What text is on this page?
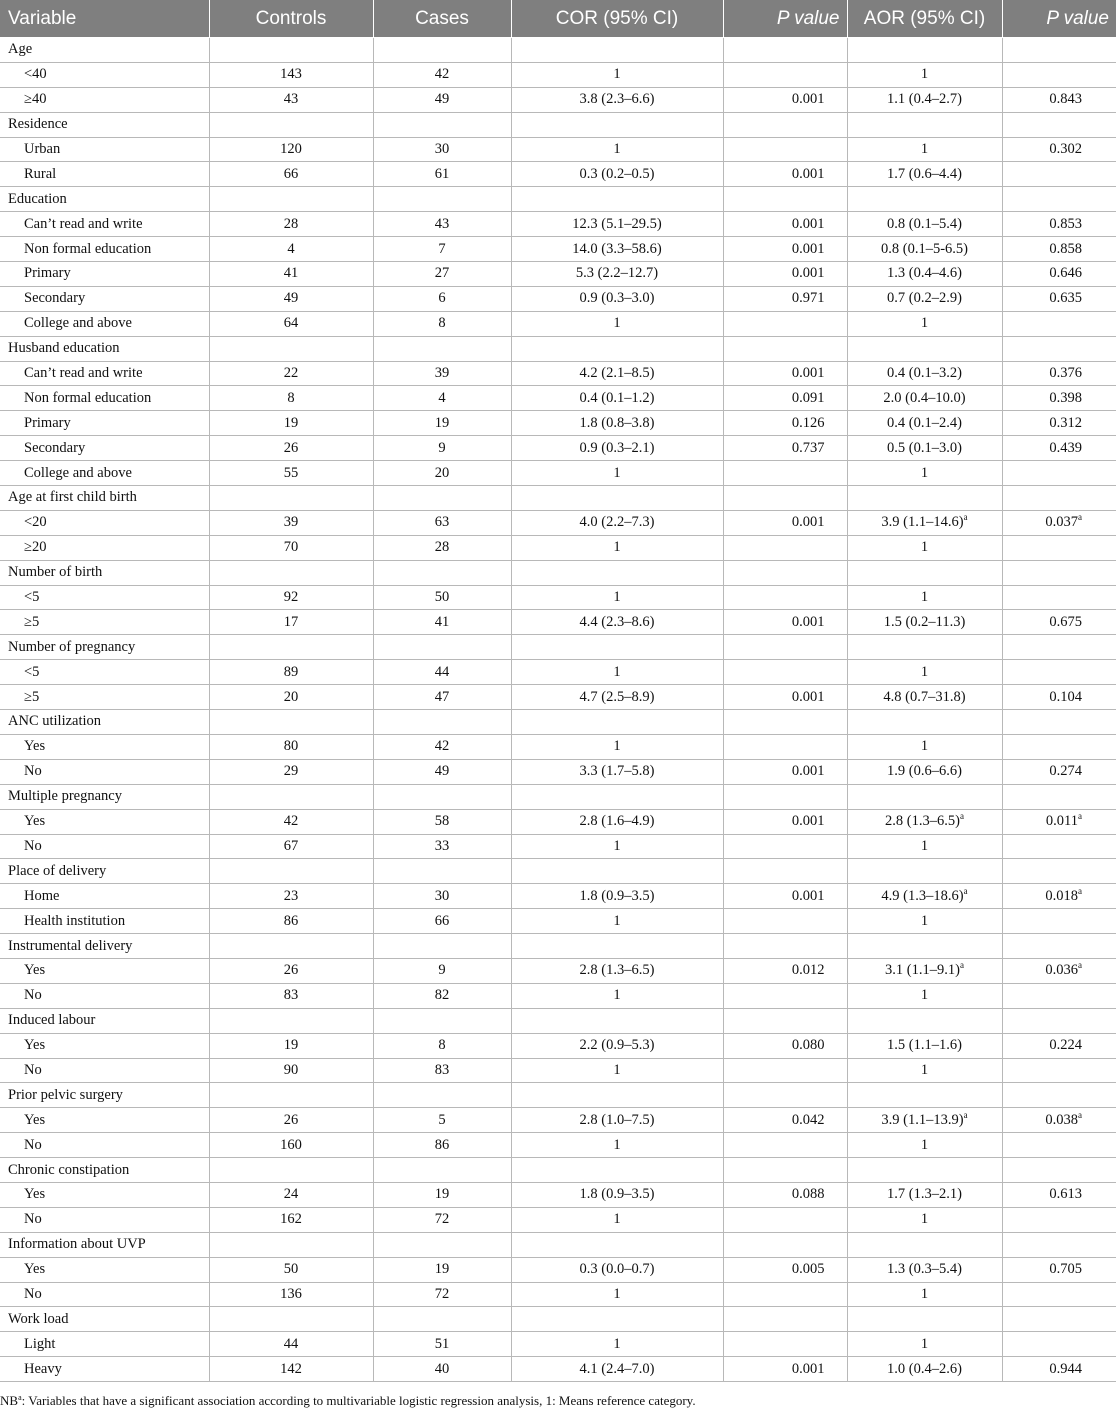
Variable	Controls	Cases	COR (95% CI)	P value	AOR (95% CI)	P value
Age						
<40	143	42	1		1	
≥40	43	49	3.8 (2.3–6.6)	0.001	1.1 (0.4–2.7)	0.843
Residence						
Urban	120	30	1		1	0.302
Rural	66	61	0.3 (0.2–0.5)	0.001	1.7 (0.6–4.4)	
Education						
Can’t read and write	28	43	12.3 (5.1–29.5)	0.001	0.8 (0.1–5.4)	0.853
Non formal education	4	7	14.0 (3.3–58.6)	0.001	0.8 (0.1–5-6.5)	0.858
Primary	41	27	5.3 (2.2–12.7)	0.001	1.3 (0.4–4.6)	0.646
Secondary	49	6	0.9 (0.3–3.0)	0.971	0.7 (0.2–2.9)	0.635
College and above	64	8	1		1	
Husband education						
Can’t read and write	22	39	4.2 (2.1–8.5)	0.001	0.4 (0.1–3.2)	0.376
Non formal education	8	4	0.4 (0.1–1.2)	0.091	2.0 (0.4–10.0)	0.398
Primary	19	19	1.8 (0.8–3.8)	0.126	0.4 (0.1–2.4)	0.312
Secondary	26	9	0.9 (0.3–2.1)	0.737	0.5 (0.1–3.0)	0.439
College and above	55	20	1		1	
Age at first child birth						
<20	39	63	4.0 (2.2–7.3)	0.001	3.9 $(1.1-14.6)^a$	0.037$^a$
≥20	70	28	1		1	
Number of birth						
<5	92	50	1		1	
≥5	17	41	4.4 (2.3–8.6)	0.001	1.5 (0.2–11.3)	0.675
Number of pregnancy						
<5	89	44	1		1	
≥5	20	47	4.7 (2.5–8.9)	0.001	4.8 (0.7–31.8)	0.104
ANC utilization						
Yes	80	42	1		1	
No	29	49	3.3 (1.7–5.8)	0.001	1.9 (0.6–6.6)	0.274
Multiple pregnancy						
Yes	42	58	2.8 (1.6–4.9)	0.001	2.8 $(1.3-6.5)^a$	0.011$^a$
No	67	33	1		1	
Place of delivery						
Home	23	30	1.8 (0.9–3.5)	0.001	4.9 $(1.3-18.6)^a$	0.018$^a$
Health institution	86	66	1		1	
Instrumental delivery						
Yes	26	9	2.8 (1.3–6.5)	0.012	3.1 $(1.1-9.1)^a$	0.036$^a$
No	83	82	1		1	
Induced labour						
Yes	19	8	2.2 (0.9–5.3)	0.080	1.5 (1.1–1.6)	0.224
No	90	83	1		1	
Prior pelvic surgery						
Yes	26	5	2.8 (1.0–7.5)	0.042	3.9 $(1.1-13.9)^a$	0.038$^a$
No	160	86	1		1	
Chronic constipation						
Yes	24	19	1.8 (0.9–3.5)	0.088	1.7 (1.3–2.1)	0.613
No	162	72	1		1	
Information about UVP						
Yes	50	19	0.3 (0.0–0.7)	0.005	1.3 (0.3–5.4)	0.705
No	136	72	1		1	
Work load						
Light	44	51	1		1	
Heavy	142	40	4.1 (2.4–7.0)	0.001	1.0 (0.4–2.6)	0.944
$NB^a$: Variables that have a significant association according to multivariable logistic regression analysis, 1: Means reference category.
